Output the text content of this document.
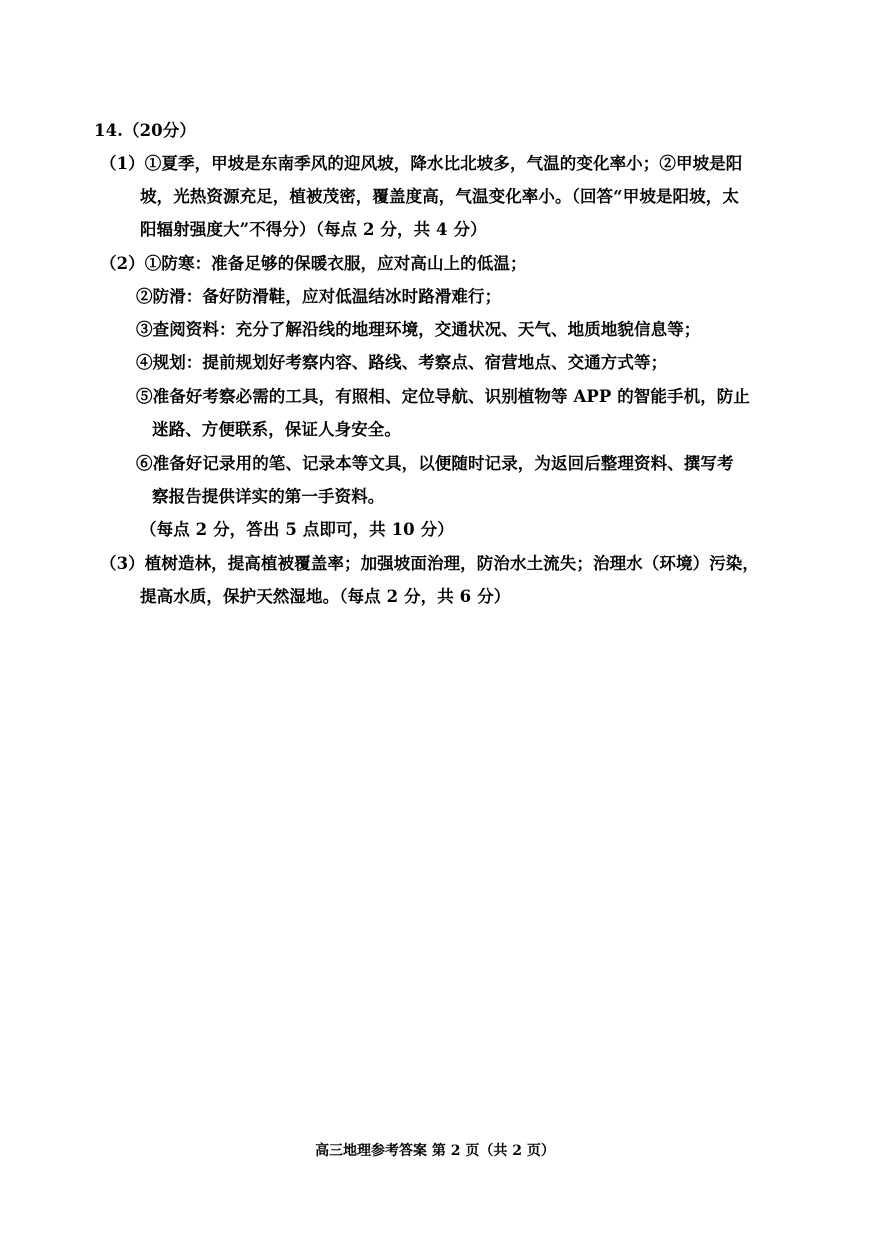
14.（20分）
（1）①夏季，甲坡是东南季风的迎风坡，降水比北坡多，气温的变化率小；②甲坡是阳
坡，光热资源充足，植被茂密，覆盖度高，气温变化率小。（回答“甲坡是阳坡，太
阳辐射强度大”不得分）（每点 2 分，共 4 分）
（2）①防寒：准备足够的保暖衣服，应对高山上的低温；
②防滑：备好防滑鞋，应对低温结冰时路滑难行；
③查阅资料：充分了解沿线的地理环境，交通状况、天气、地质地貌信息等；
④规划：提前规划好考察内容、路线、考察点、宿营地点、交通方式等；
⑤准备好考察必需的工具，有照相、定位导航、识别植物等 APP 的智能手机，防止
迷路、方便联系，保证人身安全。
⑥准备好记录用的笔、记录本等文具，以便随时记录，为返回后整理资料、撰写考
察报告提供详实的第一手资料。
（每点 2 分，答出 5 点即可，共 10 分）
（3）植树造林，提高植被覆盖率；加强坡面治理，防治水土流失；治理水（环境）污染，
提高水质，保护天然湿地。（每点 2 分，共 6 分）
高三地理参考答案 第 2 页（共 2 页）
